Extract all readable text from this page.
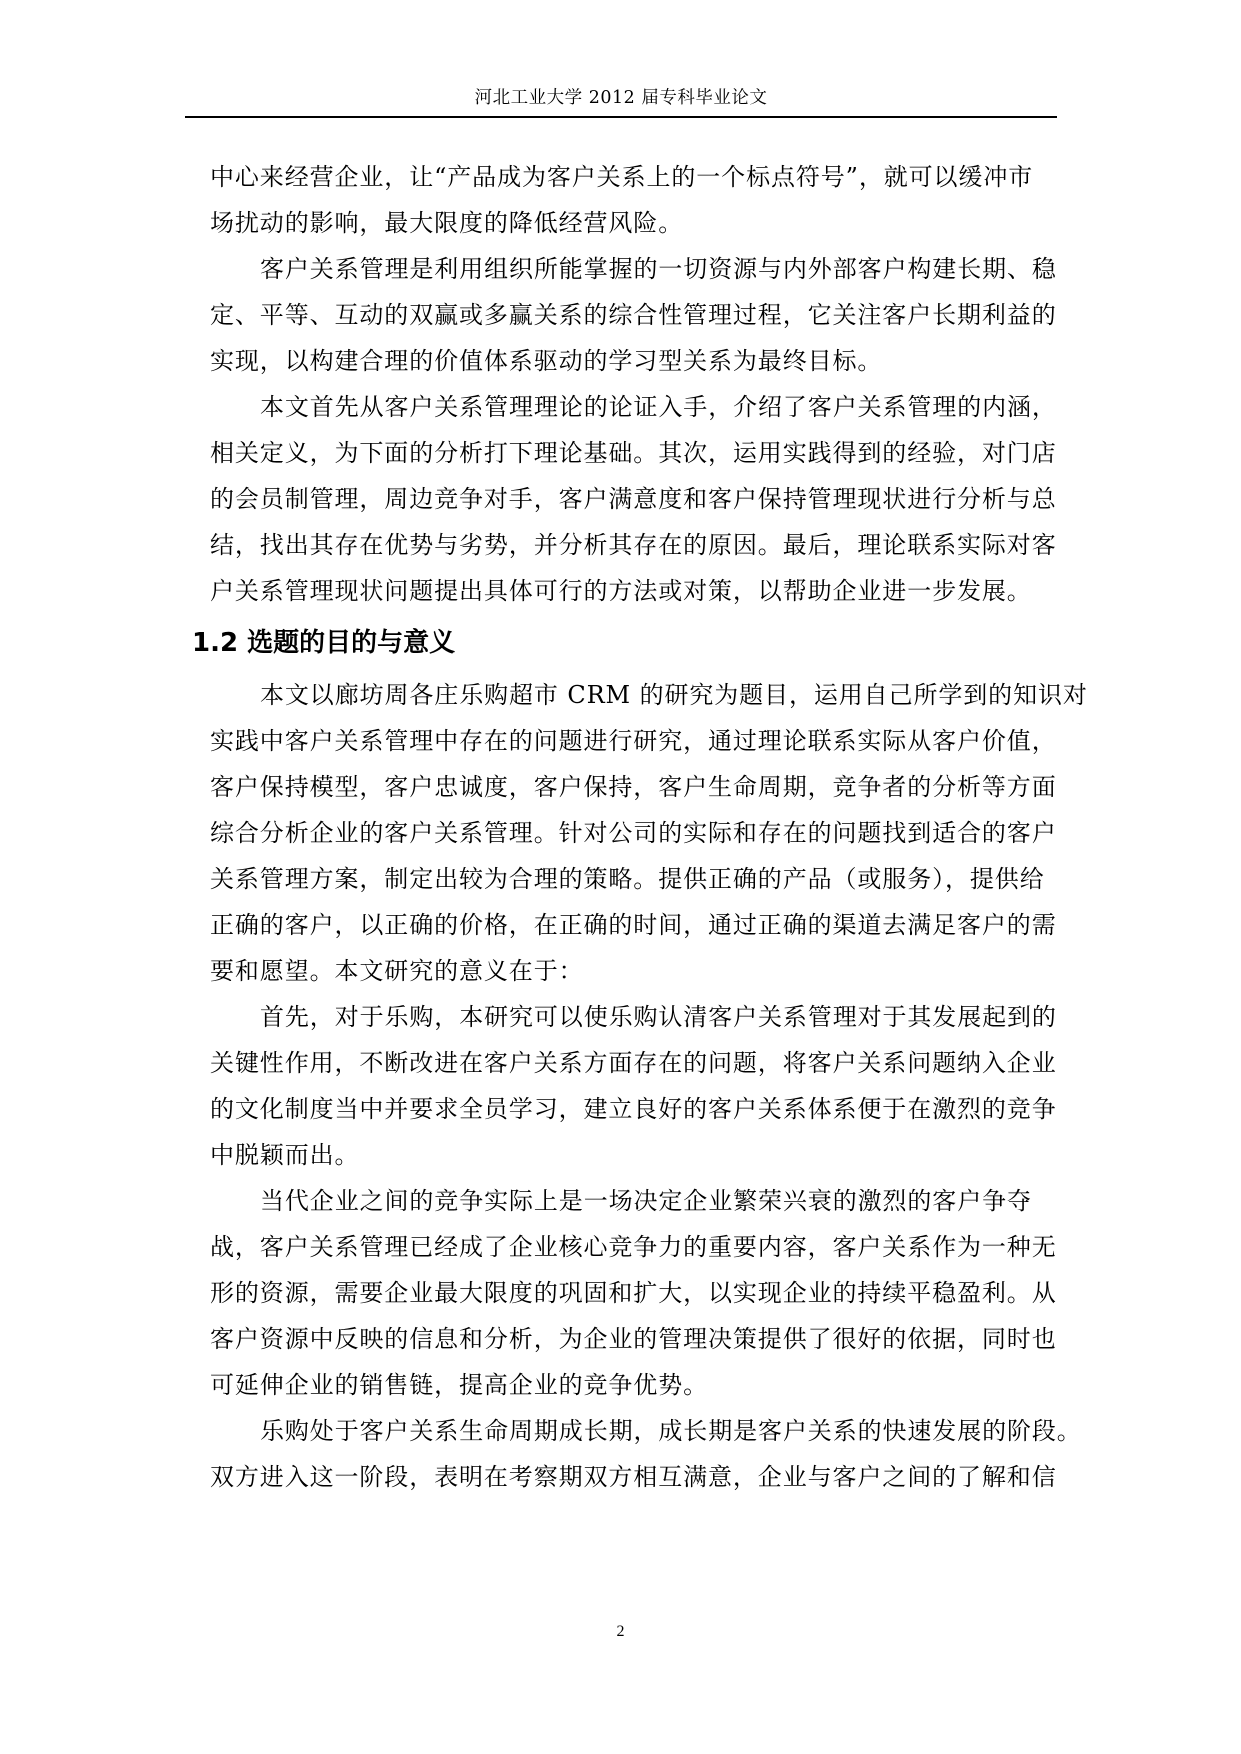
河北工业大学 2012 届专科毕业论文
中心来经营企业，让“产品成为客户关系上的一个标点符号”，就可以缓冲市
场扰动的影响，最大限度的降低经营风险。
客户关系管理是利用组织所能掌握的一切资源与内外部客户构建长期、稳
定、平等、互动的双赢或多赢关系的综合性管理过程，它关注客户长期利益的
实现，以构建合理的价值体系驱动的学习型关系为最终目标。
本文首先从客户关系管理理论的论证入手，介绍了客户关系管理的内涵，
相关定义，为下面的分析打下理论基础。其次，运用实践得到的经验，对门店
的会员制管理，周边竞争对手，客户满意度和客户保持管理现状进行分析与总
结，找出其存在优势与劣势，并分析其存在的原因。最后，理论联系实际对客
户关系管理现状问题提出具体可行的方法或对策，以帮助企业进一步发展。
1.2 选题的目的与意义
本文以廊坊周各庄乐购超市 CRM 的研究为题目，运用自己所学到的知识对
实践中客户关系管理中存在的问题进行研究，通过理论联系实际从客户价值，
客户保持模型，客户忠诚度，客户保持，客户生命周期，竞争者的分析等方面
综合分析企业的客户关系管理。针对公司的实际和存在的问题找到适合的客户
关系管理方案，制定出较为合理的策略。提供正确的产品（或服务），提供给
正确的客户，以正确的价格，在正确的时间，通过正确的渠道去满足客户的需
要和愿望。本文研究的意义在于：
首先，对于乐购，本研究可以使乐购认清客户关系管理对于其发展起到的
关键性作用，不断改进在客户关系方面存在的问题，将客户关系问题纳入企业
的文化制度当中并要求全员学习，建立良好的客户关系体系便于在激烈的竞争
中脱颖而出。
当代企业之间的竞争实际上是一场决定企业繁荣兴衰的激烈的客户争夺
战，客户关系管理已经成了企业核心竞争力的重要内容，客户关系作为一种无
形的资源，需要企业最大限度的巩固和扩大，以实现企业的持续平稳盈利。从
客户资源中反映的信息和分析，为企业的管理决策提供了很好的依据，同时也
可延伸企业的销售链，提高企业的竞争优势。
乐购处于客户关系生命周期成长期，成长期是客户关系的快速发展的阶段。
双方进入这一阶段，表明在考察期双方相互满意，企业与客户之间的了解和信
2
